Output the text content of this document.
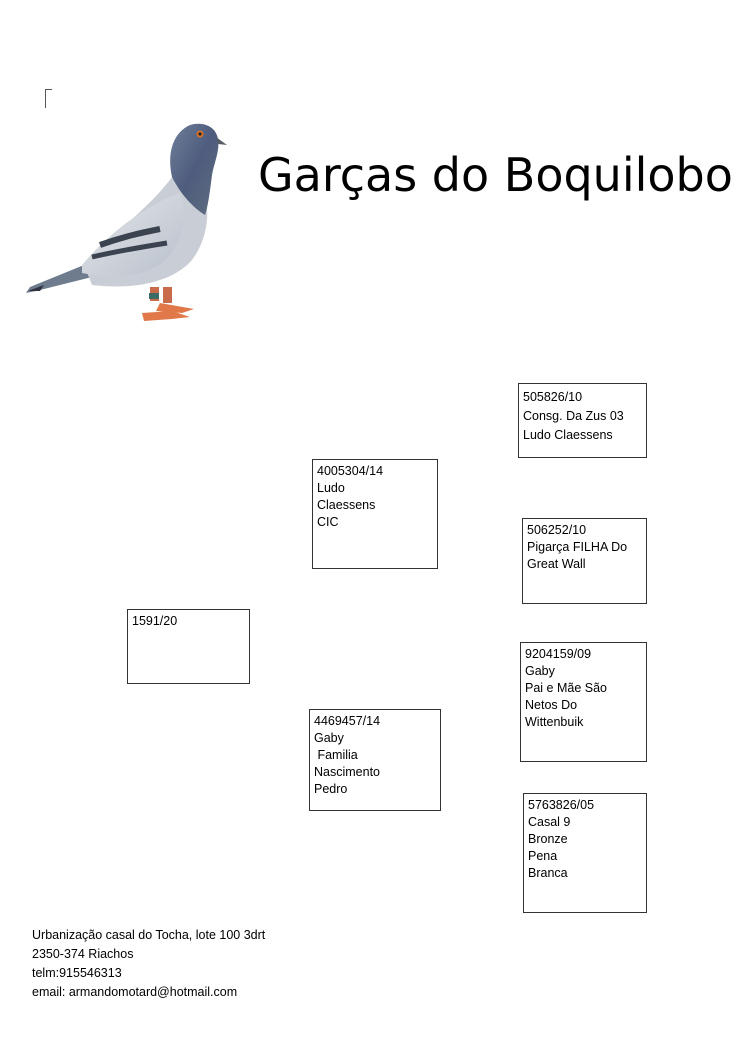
Garças do Boquilobo
1591/20
4005304/14
Ludo
Claessens
CIC
4469457/14
Gaby
Familia
Nascimento
Pedro
505826/10
Consg. Da Zus 03
Ludo Claessens
506252/10
Pigarça FILHA Do
Great Wall
9204159/09
Gaby
Pai e Mãe São
Netos Do
Wittenbuik
5763826/05
Casal 9
Bronze
Pena
Branca
Urbanização casal do Tocha, lote 100 3drt
2350-374 Riachos
telm:915546313
email: armandomotard@hotmail.com
